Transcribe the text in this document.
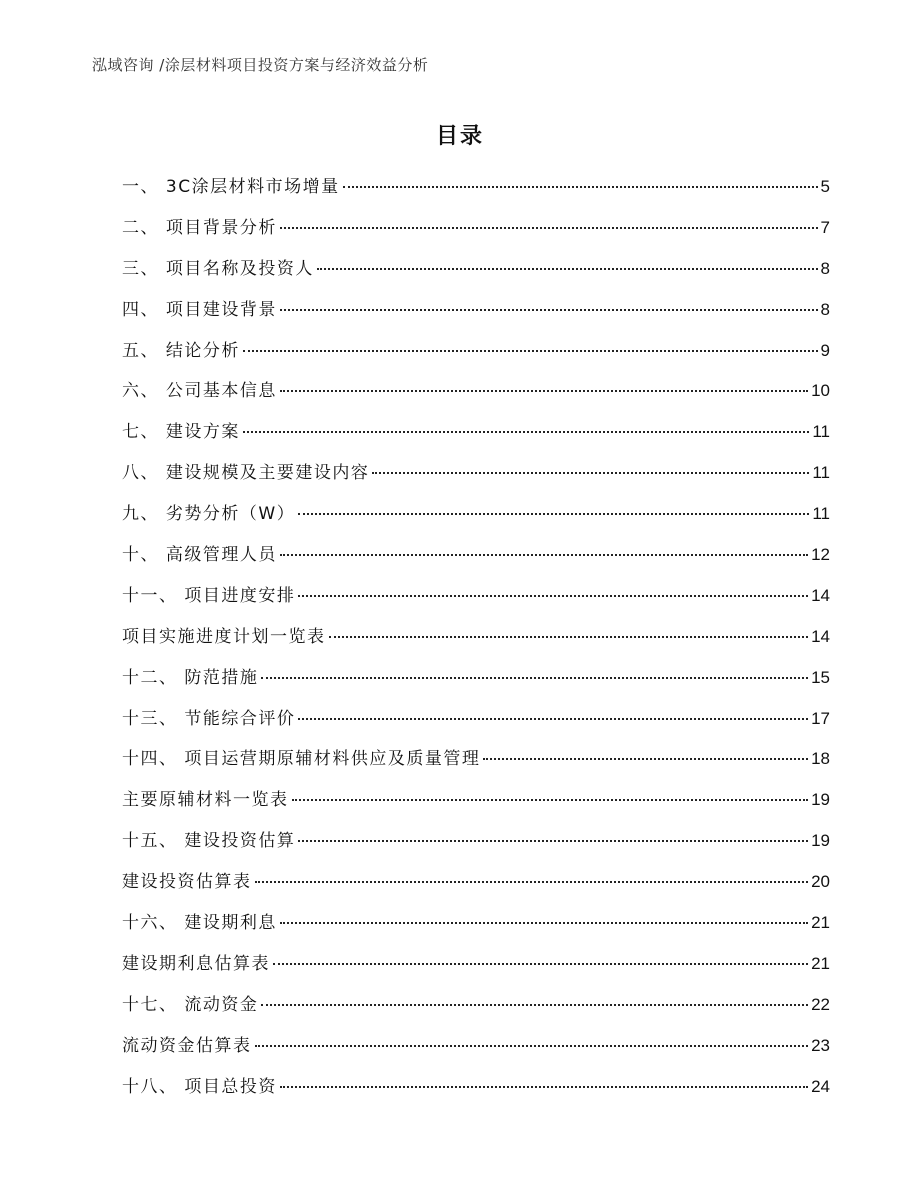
泓域咨询 /涂层材料项目投资方案与经济效益分析
目录
一、 3C涂层材料市场增量	5
二、 项目背景分析	7
三、 项目名称及投资人	8
四、 项目建设背景	8
五、 结论分析	9
六、 公司基本信息	10
七、 建设方案	11
八、 建设规模及主要建设内容	11
九、 劣势分析（W）	11
十、 高级管理人员	12
十一、 项目进度安排	14
项目实施进度计划一览表	14
十二、 防范措施	15
十三、 节能综合评价	17
十四、 项目运营期原辅材料供应及质量管理	18
主要原辅材料一览表	19
十五、 建设投资估算	19
建设投资估算表	20
十六、 建设期利息	21
建设期利息估算表	21
十七、 流动资金	22
流动资金估算表	23
十八、 项目总投资	24
